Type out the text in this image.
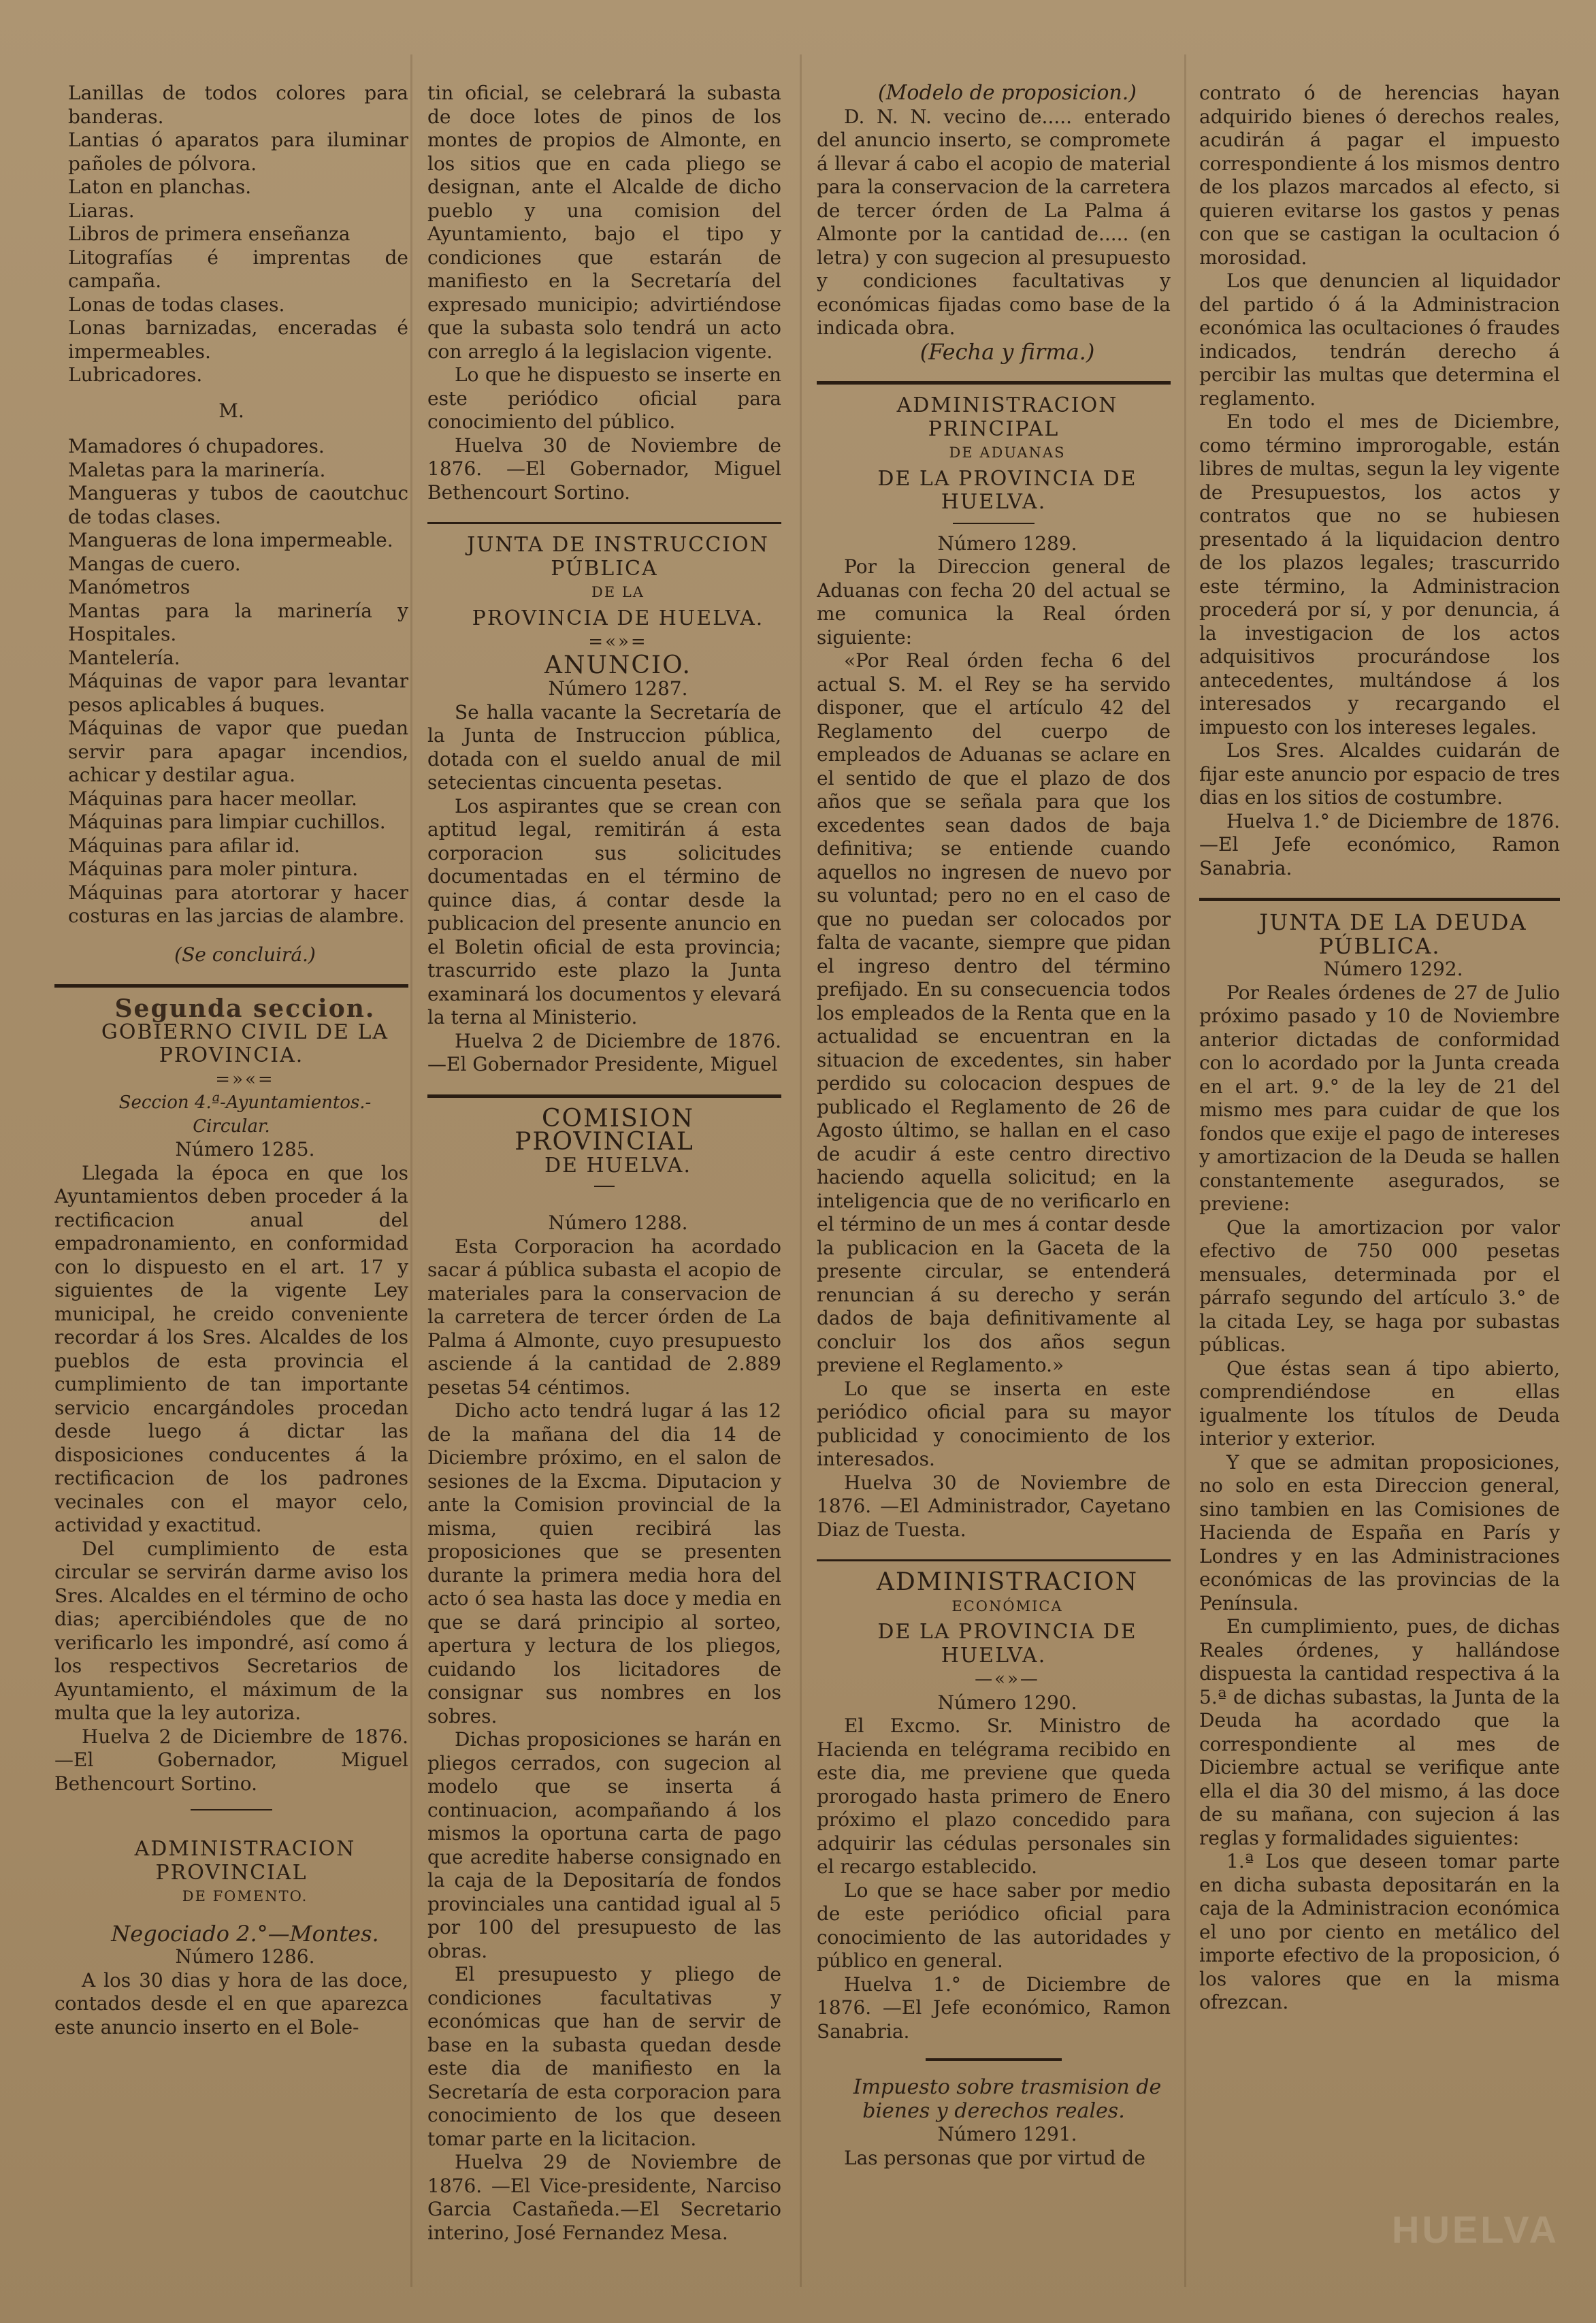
Lanillas de todos colores para banderas.

Lantias ó aparatos para iluminar pañoles de pólvora.

Laton en planchas.

Liaras.

Libros de primera enseñanza

Litografías é imprentas de campaña.

Lonas de todas clases.

Lonas barnizadas, enceradas é impermeables.

Lubricadores.

M.

Mamadores ó chupadores.

Maletas para la marinería.

Mangueras y tubos de caoutchuc de todas clases.

Mangueras de lona impermeable.

Mangas de cuero.

Manómetros

Mantas para la marinería y Hospitales.

Mantelería.

Máquinas de vapor para levantar pesos aplicables á buques.

Máquinas de vapor que puedan servir para apagar incendios, achicar y destilar agua.

Máquinas para hacer meollar.

Máquinas para limpiar cuchillos.

Máquinas para afilar id.

Máquinas para moler pintura.

Máquinas para atortorar y hacer costuras en las jarcias de alambre.

(Se concluirá.)

Segunda seccion.

GOBIERNO CIVIL DE LA PROVINCIA.

=»«=

Seccion 4.ª-Ayuntamientos.-Circular.

Número 1285.

Llegada la época en que los Ayuntamientos deben proceder á la rectificacion anual del empadronamiento, en conformidad con lo dispuesto en el art. 17 y siguientes de la vigente Ley municipal, he creido conveniente recordar á los Sres. Alcaldes de los pueblos de esta provincia el cumplimiento de tan importante servicio encargándoles procedan desde luego á dictar las disposiciones conducentes á la rectificacion de los padrones vecinales con el mayor celo, actividad y exactitud.

Del cumplimiento de esta circular se servirán darme aviso los Sres. Alcaldes en el término de ocho dias; apercibiéndoles que de no verificarlo les impondré, así como á los respectivos Secretarios de Ayuntamiento, el máximum de la multa que la ley autoriza.

Huelva 2 de Diciembre de 1876.—El Gobernador, Miguel Bethencourt Sortino.

ADMINISTRACION PROVINCIAL

DE FOMENTO.

Negociado 2.°—Montes.

Número 1286.

A los 30 dias y hora de las doce, contados desde el en que aparezca este anuncio inserto en el Bole-

tin oficial, se celebrará la subasta de doce lotes de pinos de los montes de propios de Almonte, en los sitios que en cada pliego se designan, ante el Alcalde de dicho pueblo y una comision del Ayuntamiento, bajo el tipo y condiciones que estarán de manifiesto en la Secretaría del expresado municipio; advirtiéndose que la subasta solo tendrá un acto con arreglo á la legislacion vigente.

Lo que he dispuesto se inserte en este periódico oficial para conocimiento del público.

Huelva 30 de Noviembre de 1876. —El Gobernador, Miguel Bethencourt Sortino.

JUNTA DE INSTRUCCION PÚBLICA

DE LA

PROVINCIA DE HUELVA.

=«»=

ANUNCIO.

Número 1287.

Se halla vacante la Secretaría de la Junta de Instruccion pública, dotada con el sueldo anual de mil setecientas cincuenta pesetas.

Los aspirantes que se crean con aptitud legal, remitirán á esta corporacion sus solicitudes documentadas en el término de quince dias, á contar desde la publicacion del presente anuncio en el Boletin oficial de esta provincia; trascurrido este plazo la Junta examinará los documentos y elevará la terna al Ministerio.

Huelva 2 de Diciembre de 1876.—El Gobernador Presidente, Miguel

COMISION PROVINCIAL

DE HUELVA.

Número 1288.

Esta Corporacion ha acordado sacar á pública subasta el acopio de materiales para la conservacion de la carretera de tercer órden de La Palma á Almonte, cuyo presupuesto asciende á la cantidad de 2.889 pesetas 54 céntimos.

Dicho acto tendrá lugar á las 12 de la mañana del dia 14 de Diciembre próximo, en el salon de sesiones de la Excma. Diputacion y ante la Comision provincial de la misma, quien recibirá las proposiciones que se presenten durante la primera media hora del acto ó sea hasta las doce y media en que se dará principio al sorteo, apertura y lectura de los pliegos, cuidando los licitadores de consignar sus nombres en los sobres.

Dichas proposiciones se harán en pliegos cerrados, con sugecion al modelo que se inserta á continuacion, acompañando á los mismos la oportuna carta de pago que acredite haberse consignado en la caja de la Depositaría de fondos provinciales una cantidad igual al 5 por 100 del presupuesto de las obras.

El presupuesto y pliego de condiciones facultativas y económicas que han de servir de base en la subasta quedan desde este dia de manifiesto en la Secretaría de esta corporacion para conocimiento de los que deseen tomar parte en la licitacion.

Huelva 29 de Noviembre de 1876. —El Vice-presidente, Narciso Garcia Castañeda.—El Secretario interino, José Fernandez Mesa.

(Modelo de proposicion.)

D. N. N. vecino de..... enterado del anuncio inserto, se compromete á llevar á cabo el acopio de material para la conservacion de la carretera de tercer órden de La Palma á Almonte por la cantidad de..... (en letra) y con sugecion al presupuesto y condiciones facultativas y económicas fijadas como base de la indicada obra.

(Fecha y firma.)

ADMINISTRACION PRINCIPAL

DE ADUANAS

DE LA PROVINCIA DE HUELVA.

Número 1289.

Por la Direccion general de Aduanas con fecha 20 del actual se me comunica la Real órden siguiente:

«Por Real órden fecha 6 del actual S. M. el Rey se ha servido disponer, que el artículo 42 del Reglamento del cuerpo de empleados de Aduanas se aclare en el sentido de que el plazo de dos años que se señala para que los excedentes sean dados de baja definitiva; se entiende cuando aquellos no ingresen de nuevo por su voluntad; pero no en el caso de que no puedan ser colocados por falta de vacante, siempre que pidan el ingreso dentro del término prefijado. En su consecuencia todos los empleados de la Renta que en la actualidad se encuentran en la situacion de excedentes, sin haber perdido su colocacion despues de publicado el Reglamento de 26 de Agosto último, se hallan en el caso de acudir á este centro directivo haciendo aquella solicitud; en la inteligencia que de no verificarlo en el término de un mes á contar desde la publicacion en la Gaceta de la presente circular, se entenderá renuncian á su derecho y serán dados de baja definitivamente al concluir los dos años segun previene el Reglamento.»

Lo que se inserta en este periódico oficial para su mayor publicidad y conocimiento de los interesados.

Huelva 30 de Noviembre de 1876. —El Administrador, Cayetano Diaz de Tuesta.

ADMINISTRACION

ECONÓMICA

DE LA PROVINCIA DE HUELVA.

—«»—

Número 1290.

El Excmo. Sr. Ministro de Hacienda en telégrama recibido en este dia, me previene que queda prorogado hasta primero de Enero próximo el plazo concedido para adquirir las cédulas personales sin el recargo establecido.

Lo que se hace saber por medio de este periódico oficial para conocimiento de las autoridades y público en general.

Huelva 1.° de Diciembre de 1876. —El Jefe económico, Ramon Sanabria.

Impuesto sobre trasmision de bienes y derechos reales.

Número 1291.

Las personas que por virtud de

contrato ó de herencias hayan adquirido bienes ó derechos reales, acudirán á pagar el impuesto correspondiente á los mismos dentro de los plazos marcados al efecto, si quieren evitarse los gastos y penas con que se castigan la ocultacion ó morosidad.

Los que denuncien al liquidador del partido ó á la Administracion económica las ocultaciones ó fraudes indicados, tendrán derecho á percibir las multas que determina el reglamento.

En todo el mes de Diciembre, como término improrogable, están libres de multas, segun la ley vigente de Presupuestos, los actos y contratos que no se hubiesen presentado á la liquidacion dentro de los plazos legales; trascurrido este término, la Administracion procederá por sí, y por denuncia, á la investigacion de los actos adquisitivos procurándose los antecedentes, multándose á los interesados y recargando el impuesto con los intereses legales.

Los Sres. Alcaldes cuidarán de fijar este anuncio por espacio de tres dias en los sitios de costumbre.

Huelva 1.° de Diciembre de 1876. —El Jefe económico, Ramon Sanabria.

JUNTA DE LA DEUDA PÚBLICA.

Número 1292.

Por Reales órdenes de 27 de Julio próximo pasado y 10 de Noviembre anterior dictadas de conformidad con lo acordado por la Junta creada en el art. 9.° de la ley de 21 del mismo mes para cuidar de que los fondos que exije el pago de intereses y amortizacion de la Deuda se hallen constantemente asegurados, se previene:

Que la amortizacion por valor efectivo de 750 000 pesetas mensuales, determinada por el párrafo segundo del artículo 3.° de la citada Ley, se haga por subastas públicas.

Que éstas sean á tipo abierto, comprendiéndose en ellas igualmente los títulos de Deuda interior y exterior.

Y que se admitan proposiciones, no solo en esta Direccion general, sino tambien en las Comisiones de Hacienda de España en París y Londres y en las Administraciones económicas de las provincias de la Península.

En cumplimiento, pues, de dichas Reales órdenes, y hallándose dispuesta la cantidad respectiva á la 5.ª de dichas subastas, la Junta de la Deuda ha acordado que la correspondiente al mes de Diciembre actual se verifique ante ella el dia 30 del mismo, á las doce de su mañana, con sujecion á las reglas y formalidades siguientes:

1.ª Los que deseen tomar parte en dicha subasta depositarán en la caja de la Administracion económica el uno por ciento en metálico del importe efectivo de la proposicion, ó los valores que en la misma ofrezcan.

HUELVA
